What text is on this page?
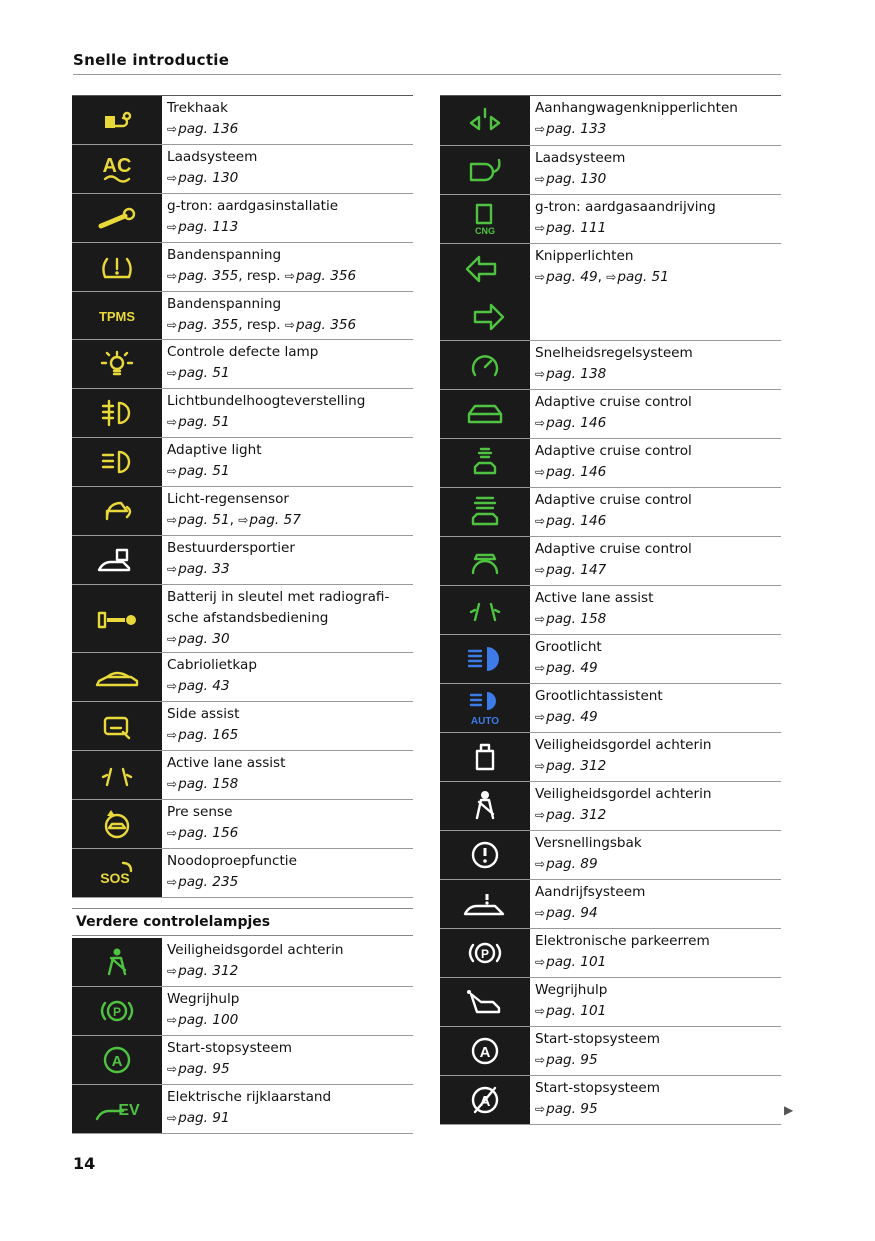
Snelle introductie
Trekhaak
⇨pag. 136
AC	Laadsysteem
⇨pag. 130
g-tron: aardgasinstallatie
⇨pag. 113
Bandenspanning
⇨pag. 355, resp. ⇨pag. 356
TPMS
Bandenspanning
⇨pag. 355, resp. ⇨pag. 356
Controle defecte lamp
⇨pag. 51
Lichtbundelhoogteverstelling
⇨pag. 51
Adaptive light
⇨pag. 51
Licht-regensensor
⇨pag. 51, ⇨pag. 57
Bestuurdersportier
⇨pag. 33
Batterij in sleutel met radiografi-
sche afstandsbediening
⇨pag. 30
Cabriolietkap
⇨pag. 43
Side assist
⇨pag. 165
Active lane assist
⇨pag. 158
Pre sense
⇨pag. 156
SOS
Noodoproepfunctie
⇨pag. 235
Verdere controlelampjes
Veiligheidsgordel achterin
⇨pag. 312
P
Wegrijhulp
⇨pag. 100
A
Start-stopsysteem
⇨pag. 95
EV
Elektrische rijklaarstand
⇨pag. 91
Aanhangwagenknipperlichten
⇨pag. 133
Laadsysteem
⇨pag. 130
CNG
g-tron: aardgasaandrijving
⇨pag. 111
Knipperlichten
⇨pag. 49, ⇨pag. 51
Snelheidsregelsysteem
⇨pag. 138
Adaptive cruise control
⇨pag. 146
Adaptive cruise control
⇨pag. 146
Adaptive cruise control
⇨pag. 146
Adaptive cruise control
⇨pag. 147
Active lane assist
⇨pag. 158
Grootlicht
⇨pag. 49
AUTO
Grootlichtassistent
⇨pag. 49
Veiligheidsgordel achterin
⇨pag. 312
Veiligheidsgordel achterin
⇨pag. 312
Versnellingsbak
⇨pag. 89
Aandrijfsysteem
⇨pag. 94
P
Elektronische parkeerrem
⇨pag. 101
Wegrijhulp
⇨pag. 101
A
Start-stopsysteem
⇨pag. 95
A
Start-stopsysteem
⇨pag. 95
14
▶
